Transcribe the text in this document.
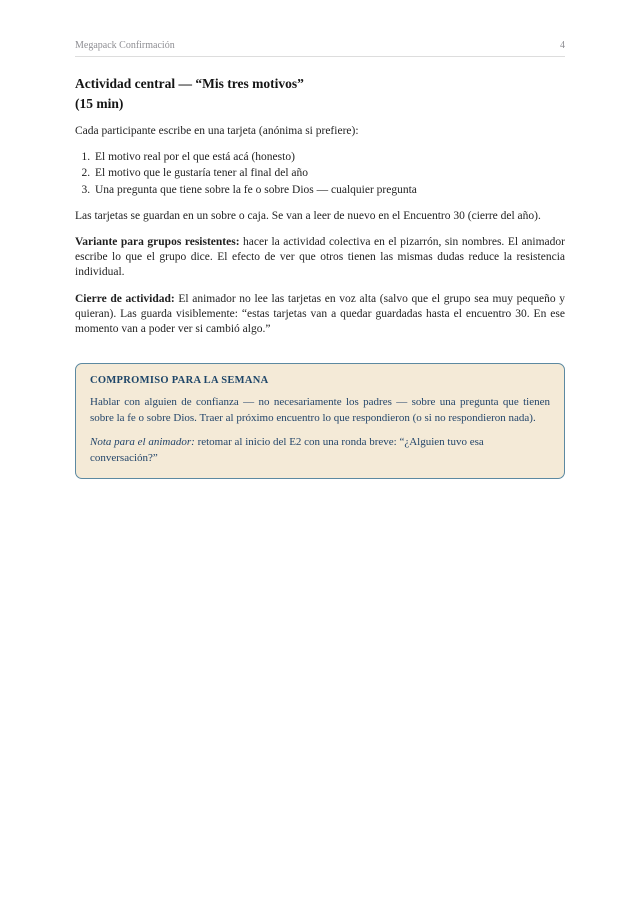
Megapack Confirmación	4
Actividad central — “Mis tres motivos”
(15 min)

Cada participante escribe en una tarjeta (anónima si prefiere):

1. El motivo real por el que está acá (honesto)
2. El motivo que le gustaría tener al final del año
3. Una pregunta que tiene sobre la fe o sobre Dios — cualquier pregunta

Las tarjetas se guardan en un sobre o caja. Se van a leer de nuevo en el Encuentro 30 (cierre del año).

Variante para grupos resistentes: hacer la actividad colectiva en el pizarrón, sin nombres. El animador escribe lo que el grupo dice. El efecto de ver que otros tienen las mismas dudas reduce la resistencia individual.

Cierre de actividad: El animador no lee las tarjetas en voz alta (salvo que el grupo sea muy pequeño y quieran). Las guarda visiblemente: “estas tarjetas van a quedar guardadas hasta el encuentro 30. En ese momento van a poder ver si cambió algo.”

COMPROMISO PARA LA SEMANA

Hablar con alguien de confianza — no necesariamente los padres — sobre una pregunta que tienen sobre la fe o sobre Dios. Traer al próximo encuentro lo que respondieron (o si no respondieron nada).

Nota para el animador: retomar al inicio del E2 con una ronda breve: “¿Alguien tuvo esa conversación?”
